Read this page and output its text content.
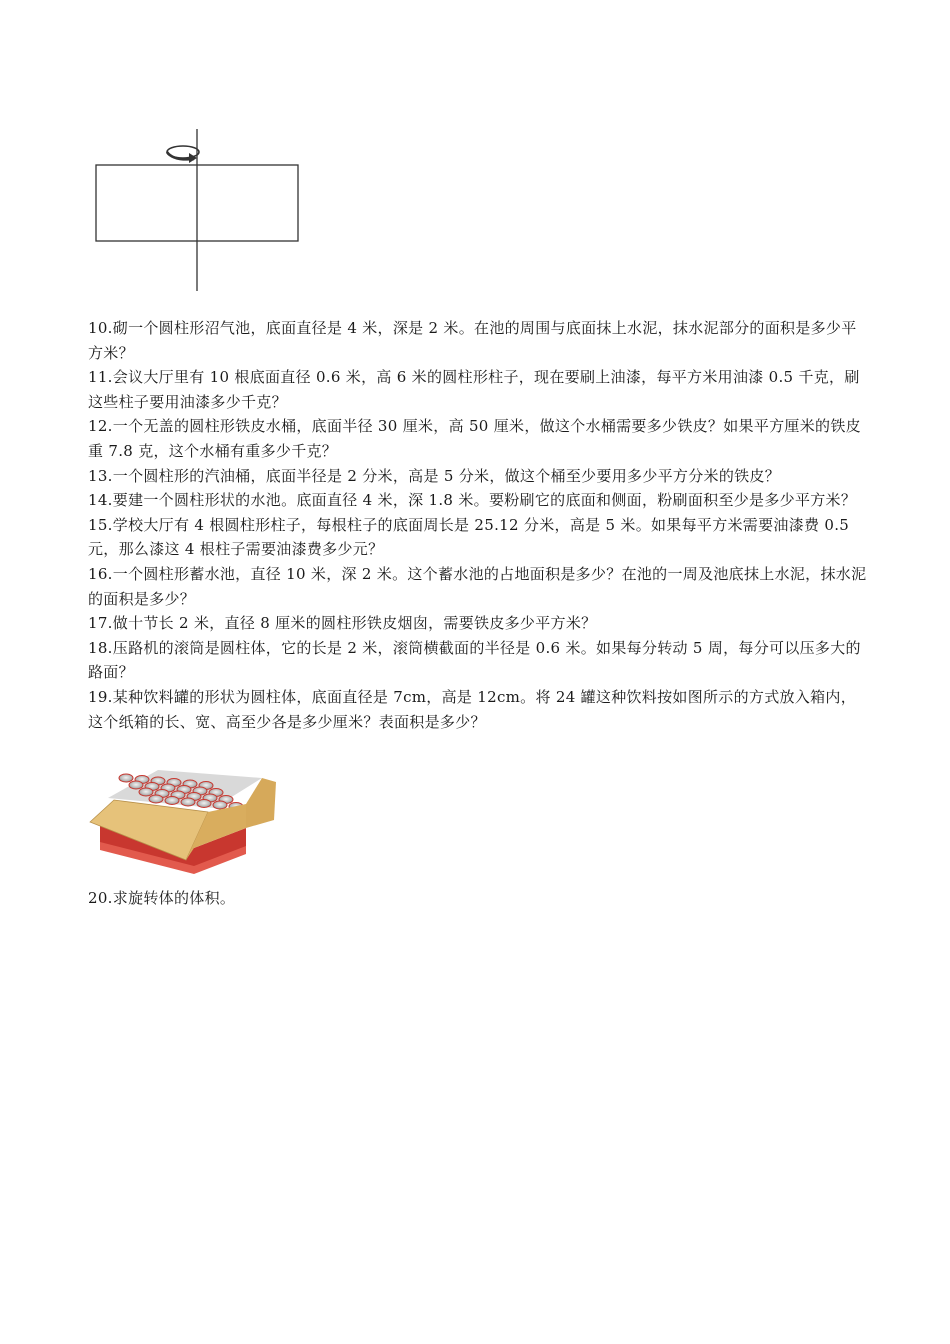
10.砌一个圆柱形沼气池，底面直径是 4 米，深是 2 米。在池的周围与底面抹上水泥，抹水泥部分的面积是多少平方米？

11.会议大厅里有 10 根底面直径 0.6 米，高 6 米的圆柱形柱子，现在要刷上油漆，每平方米用油漆 0.5 千克，刷这些柱子要用油漆多少千克？

12.一个无盖的圆柱形铁皮水桶，底面半径 30 厘米，高 50 厘米，做这个水桶需要多少铁皮？如果平方厘米的铁皮重 7.8 克，这个水桶有重多少千克？

13.一个圆柱形的汽油桶，底面半径是 2 分米，高是 5 分米，做这个桶至少要用多少平方分米的铁皮？

14.要建一个圆柱形状的水池。底面直径 4 米，深 1.8 米。要粉刷它的底面和侧面，粉刷面积至少是多少平方米？

15.学校大厅有 4 根圆柱形柱子，每根柱子的底面周长是 25.12 分米，高是 5 米。如果每平方米需要油漆费 0.5 元，那么漆这 4 根柱子需要油漆费多少元？

16.一个圆柱形蓄水池，直径 10 米，深 2 米。这个蓄水池的占地面积是多少？在池的一周及池底抹上水泥，抹水泥的面积是多少？

17.做十节长 2 米，直径 8 厘米的圆柱形铁皮烟囱，需要铁皮多少平方米？

18.压路机的滚筒是圆柱体，它的长是 2 米，滚筒横截面的半径是 0.6 米。如果每分转动 5 周，每分可以压多大的路面？

19.某种饮料罐的形状为圆柱体，底面直径是 7cm，高是 12cm。将 24 罐这种饮料按如图所示的方式放入箱内，这个纸箱的长、宽、高至少各是多少厘米？表面积是多少？

20.求旋转体的体积。
